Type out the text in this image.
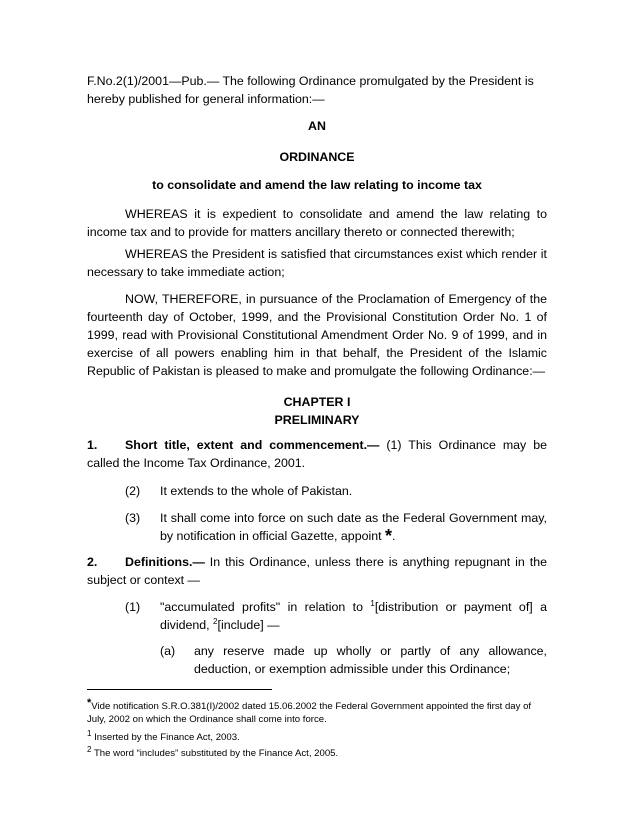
F.No.2(1)/2001—Pub.— The following Ordinance promulgated by the President is hereby published for general information:—

AN
ORDINANCE
to consolidate and amend the law relating to income tax

WHEREAS it is expedient to consolidate and amend the law relating to income tax and to provide for matters ancillary thereto or connected therewith;

WHEREAS the President is satisfied that circumstances exist which render it necessary to take immediate action;

NOW, THEREFORE, in pursuance of the Proclamation of Emergency of the fourteenth day of October, 1999, and the Provisional Constitution Order No. 1 of 1999, read with Provisional Constitutional Amendment Order No. 9 of 1999, and in exercise of all powers enabling him in that behalf, the President of the Islamic Republic of Pakistan is pleased to make and promulgate the following Ordinance:—

CHAPTER I
PRELIMINARY

1. Short title, extent and commencement.— (1) This Ordinance may be called the Income Tax Ordinance, 2001.

(2) It extends to the whole of Pakistan.
(3) It shall come into force on such date as the Federal Government may, by notification in official Gazette, appoint *.

2. Definitions.— In this Ordinance, unless there is anything repugnant in the subject or context —

(1) "accumulated profits" in relation to $^1$[distribution or payment of] a dividend, $^2$[include] —
(a) any reserve made up wholly or partly of any allowance, deduction, or exemption admissible under this Ordinance;
*Vide notification S.R.O.381(I)/2002 dated 15.06.2002 the Federal Government appointed the first day of July, 2002 on which the Ordinance shall come into force.
$^1$ Inserted by the Finance Act, 2003.
$^2$ The word “includes” substituted by the Finance Act, 2005.
